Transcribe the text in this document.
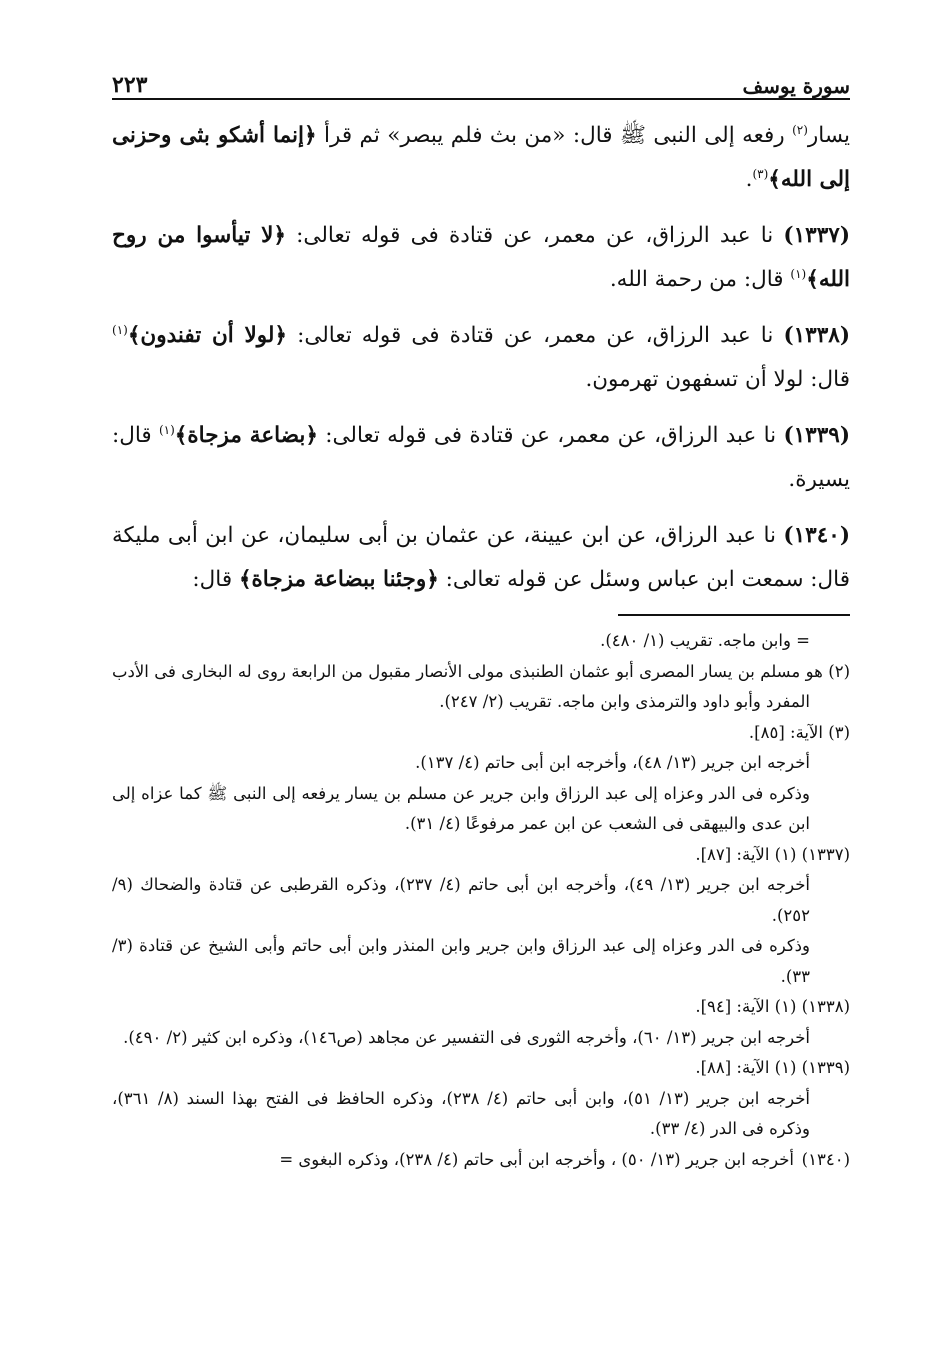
سورة يوسف
٢٢٣

يسار$^{(٢)}$ رفعه إلى النبى ﷺ قال: «من بث فلم يبصر» ثم قرأ ﴿إنما أشكو بثى وحزنى إلى الله﴾$^{(٣)}$.

(١٣٣٧) نا عبد الرزاق، عن معمر، عن قتادة فى قوله تعالى: ﴿لا تيأسوا من روح الله﴾$^{(١)}$ قال: من رحمة الله.

(١٣٣٨) نا عبد الرزاق، عن معمر، عن قتادة فى قوله تعالى: ﴿لولا أن تفندون﴾$^{(١)}$ قال: لولا أن تسفهون تهرمون.

(١٣٣٩) نا عبد الرزاق، عن معمر، عن قتادة فى قوله تعالى: ﴿بضاعة مزجاة﴾$^{(١)}$ قال: يسيرة.

(١٣٤٠) نا عبد الرزاق، عن ابن عيينة، عن عثمان بن أبى سليمان، عن ابن أبى مليكة قال: سمعت ابن عباس وسئل عن قوله تعالى: ﴿وجئنا ببضاعة مزجاة﴾ قال:

= وابن ماجه. تقريب (١/ ٤٨٠).

(٢) هو مسلم بن يسار المصرى أبو عثمان الطنبذى مولى الأنصار مقبول من الرابعة روى له البخارى فى الأدب المفرد وأبو داود والترمذى وابن ماجه. تقريب (٢/ ٢٤٧).

(٣) الآية: [٨٥].

أخرجه ابن جرير (١٣/ ٤٨)، وأخرجه ابن أبى حاتم (٤/ ١٣٧).

وذكره فى الدر وعزاه إلى عبد الرزاق وابن جرير عن مسلم بن يسار يرفعه إلى النبى ﷺ كما عزاه إلى ابن عدى والبيهقى فى الشعب عن ابن عمر مرفوعًا (٤/ ٣١).

(١٣٣٧) (١) الآية: [٨٧].

أخرجه ابن جرير (١٣/ ٤٩)، وأخرجه ابن أبى حاتم (٤/ ٢٣٧)، وذكره القرطبى عن قتادة والضحاك (٩/ ٢٥٢).

وذكره فى الدر وعزاه إلى عبد الرزاق وابن جرير وابن المنذر وابن أبى حاتم وأبى الشيخ عن قتادة (٣/ ٣٣).

(١٣٣٨) (١) الآية: [٩٤].

أخرجه ابن جرير (١٣/ ٦٠)، وأخرجه الثورى فى التفسير عن مجاهد (ص١٤٦)، وذكره ابن كثير (٢/ ٤٩٠).

(١٣٣٩) (١) الآية: [٨٨].

أخرجه ابن جرير (١٣/ ٥١)، وابن أبى حاتم (٤/ ٢٣٨)، وذكره الحافظ فى الفتح بهذا السند (٨/ ٣٦١)، وذكره فى الدر (٤/ ٣٣).

(١٣٤٠)
أخرجه ابن جرير (١٣/ ٥٠) ، وأخرجه ابن أبى حاتم (٤/ ٢٣٨)، وذكره البغوى =
